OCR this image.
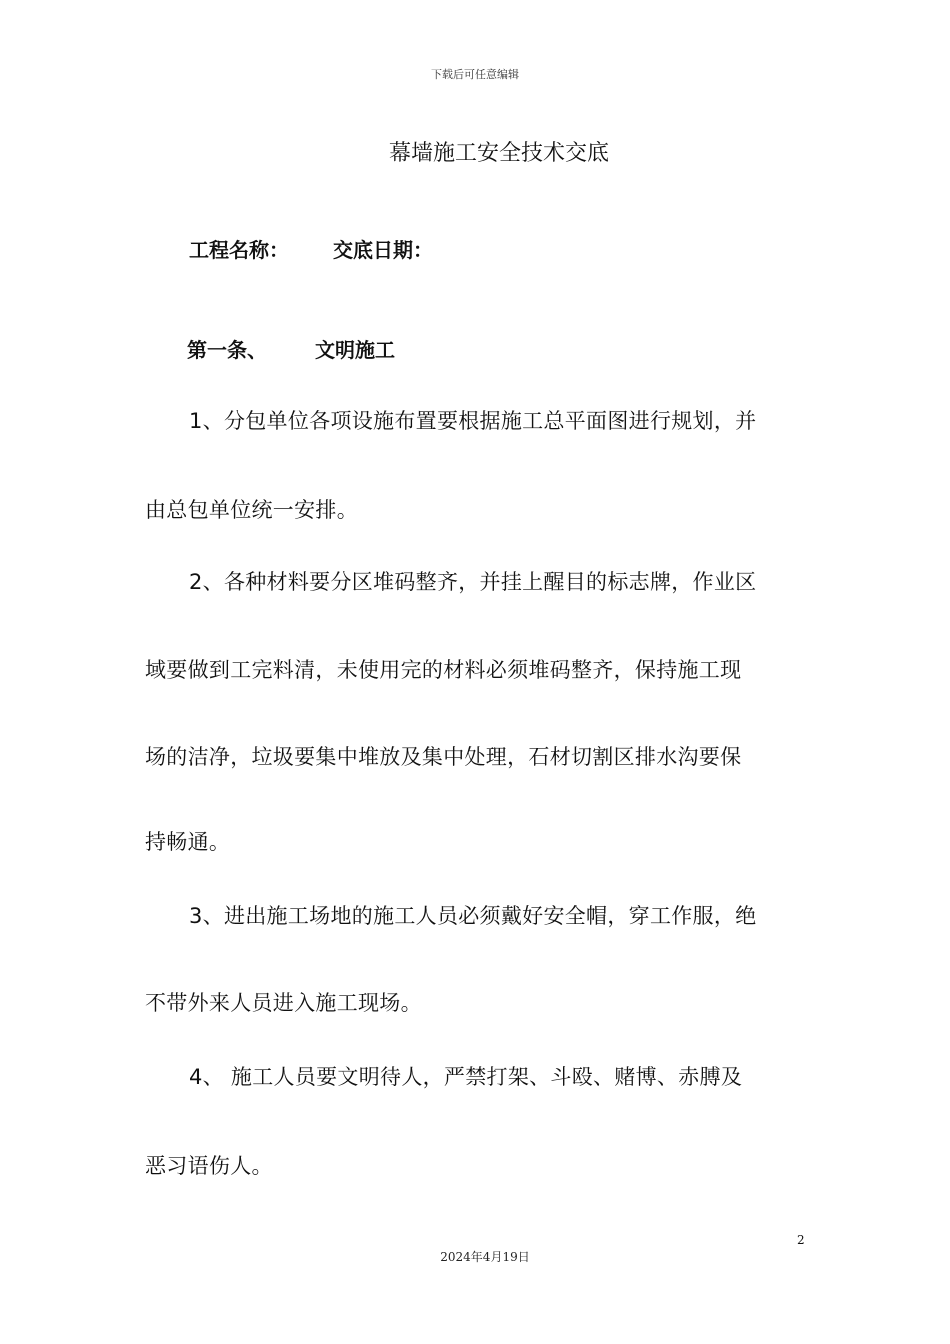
下载后可任意编辑
幕墙施工安全技术交底
工程名称： 交底日期：
第一条、 文明施工
1、分包单位各项设施布置要根据施工总平面图进行规划，并
由总包单位统一安排。
2、各种材料要分区堆码整齐，并挂上醒目的标志牌，作业区
域要做到工完料清，未使用完的材料必须堆码整齐，保持施工现
场的洁净，垃圾要集中堆放及集中处理，石材切割区排水沟要保
持畅通。
3、进出施工场地的施工人员必须戴好安全帽，穿工作服，绝
不带外来人员进入施工现场。
4、 施工人员要文明待人，严禁打架、斗殴、赌博、赤膊及
恶习语伤人。
2
2024年4月19日
